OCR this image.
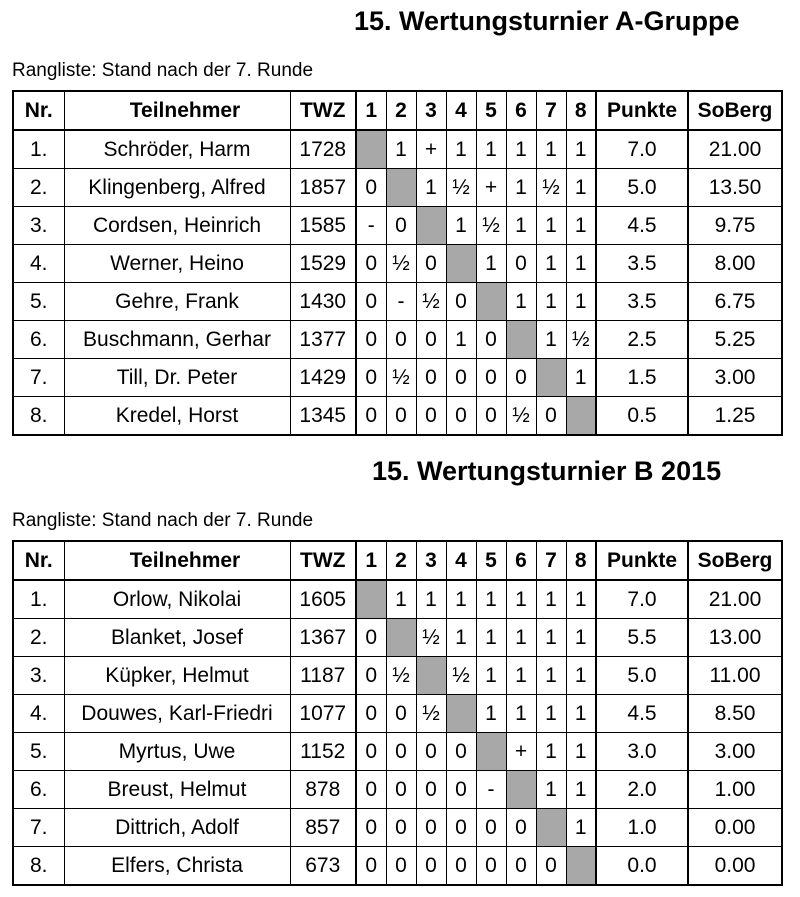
15. Wertungsturnier A-Gruppe
Rangliste: Stand nach der 7. Runde
Nr.	Teilnehmer	TWZ	1	2	3	4	5	6	7	8	Punkte	SoBerg
1.	Schröder, Harm	1728		1	+	1	1	1	1	1	7.0	21.00
2.	Klingenberg, Alfred	1857	0		1	½	+	1	½	1	5.0	13.50
3.	Cordsen, Heinrich	1585	-	0		1	½	1	1	1	4.5	9.75
4.	Werner, Heino	1529	0	½	0		1	0	1	1	3.5	8.00
5.	Gehre, Frank	1430	0	-	½	0		1	1	1	3.5	6.75
6.	Buschmann, Gerhar	1377	0	0	0	1	0		1	½	2.5	5.25
7.	Till, Dr. Peter	1429	0	½	0	0	0	0		1	1.5	3.00
8.	Kredel, Horst	1345	0	0	0	0	0	½	0		0.5	1.25
15. Wertungsturnier B 2015
Rangliste: Stand nach der 7. Runde
Nr.	Teilnehmer	TWZ	1	2	3	4	5	6	7	8	Punkte	SoBerg
1.	Orlow, Nikolai	1605		1	1	1	1	1	1	1	7.0	21.00
2.	Blanket, Josef	1367	0		½	1	1	1	1	1	5.5	13.00
3.	Küpker, Helmut	1187	0	½		½	1	1	1	1	5.0	11.00
4.	Douwes, Karl-Friedri	1077	0	0	½		1	1	1	1	4.5	8.50
5.	Myrtus, Uwe	1152	0	0	0	0		+	1	1	3.0	3.00
6.	Breust, Helmut	878	0	0	0	0	-		1	1	2.0	1.00
7.	Dittrich, Adolf	857	0	0	0	0	0	0		1	1.0	0.00
8.	Elfers, Christa	673	0	0	0	0	0	0	0		0.0	0.00
